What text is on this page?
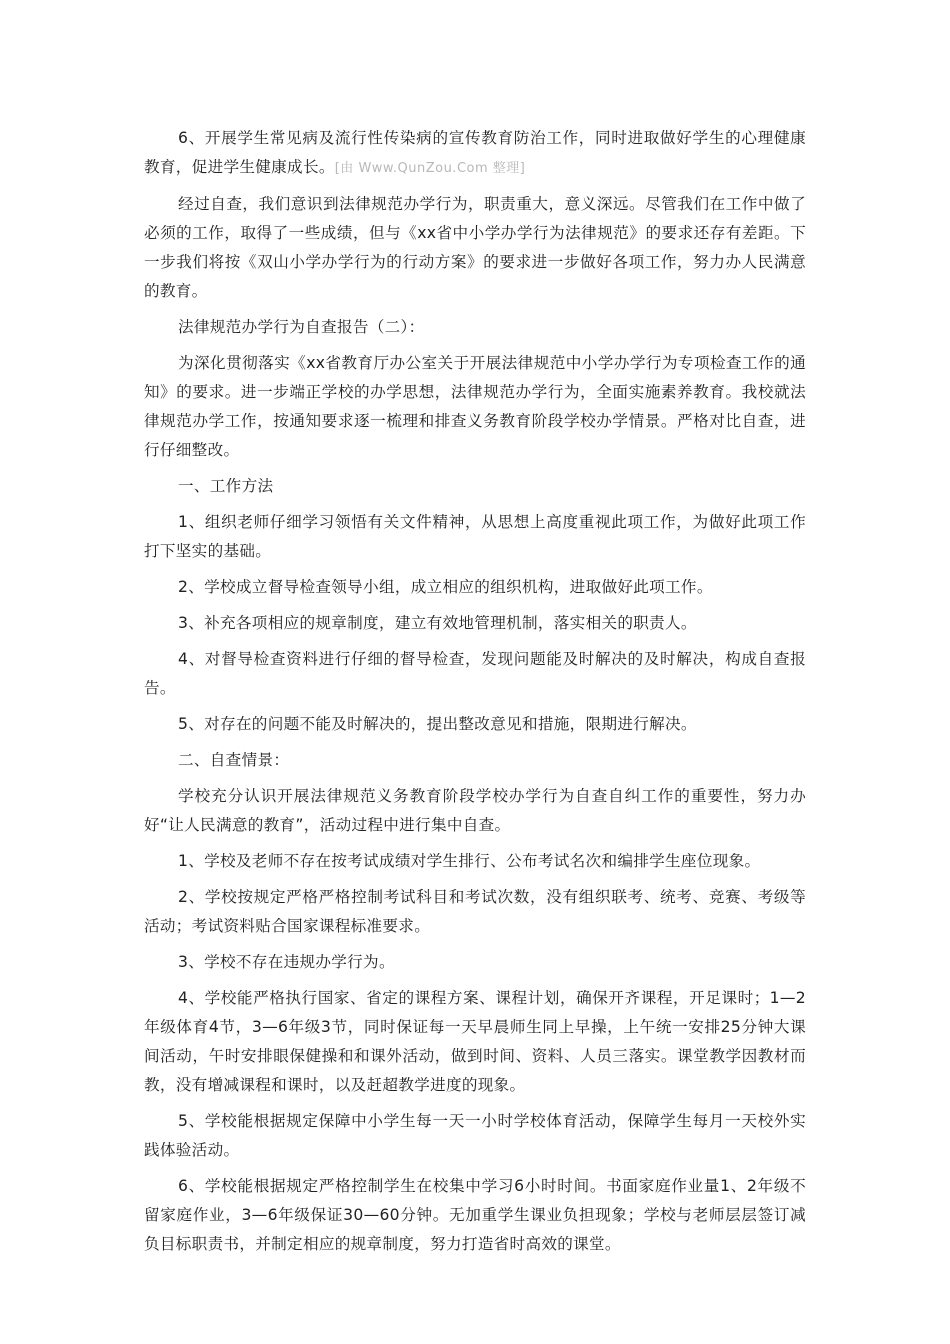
6、开展学生常见病及流行性传染病的宣传教育防治工作，同时进取做好学生的心理健康教育，促进学生健康成长。[由 Www.QunZou.Com 整理]

经过自查，我们意识到法律规范办学行为，职责重大，意义深远。尽管我们在工作中做了必须的工作，取得了一些成绩，但与《xx省中小学办学行为法律规范》的要求还存有差距。下一步我们将按《双山小学办学行为的行动方案》的要求进一步做好各项工作，努力办人民满意的教育。

法律规范办学行为自查报告（二）：

为深化贯彻落实《xx省教育厅办公室关于开展法律规范中小学办学行为专项检查工作的通知》的要求。进一步端正学校的办学思想，法律规范办学行为，全面实施素养教育。我校就法律规范办学工作，按通知要求逐一梳理和排查义务教育阶段学校办学情景。严格对比自查，进行仔细整改。

一、工作方法

1、组织老师仔细学习领悟有关文件精神，从思想上高度重视此项工作，为做好此项工作打下坚实的基础。

2、学校成立督导检查领导小组，成立相应的组织机构，进取做好此项工作。

3、补充各项相应的规章制度，建立有效地管理机制，落实相关的职责人。

4、对督导检查资料进行仔细的督导检查，发现问题能及时解决的及时解决，构成自查报告。

5、对存在的问题不能及时解决的，提出整改意见和措施，限期进行解决。

二、自查情景：

学校充分认识开展法律规范义务教育阶段学校办学行为自查自纠工作的重要性，努力办好“让人民满意的教育”，活动过程中进行集中自查。

1、学校及老师不存在按考试成绩对学生排行、公布考试名次和编排学生座位现象。

2、学校按规定严格严格控制考试科目和考试次数，没有组织联考、统考、竞赛、考级等活动；考试资料贴合国家课程标准要求。

3、学校不存在违规办学行为。

4、学校能严格执行国家、省定的课程方案、课程计划，确保开齐课程，开足课时；1—2年级体育4节，3—6年级3节，同时保证每一天早晨师生同上早操，上午统一安排25分钟大课间活动，午时安排眼保健操和和课外活动，做到时间、资料、人员三落实。课堂教学因教材而教，没有增减课程和课时，以及赶超教学进度的现象。

5、学校能根据规定保障中小学生每一天一小时学校体育活动，保障学生每月一天校外实践体验活动。

6、学校能根据规定严格控制学生在校集中学习6小时时间。书面家庭作业量1、2年级不留家庭作业，3—6年级保证30—60分钟。无加重学生课业负担现象；学校与老师层层签订减负目标职责书，并制定相应的规章制度，努力打造省时高效的课堂。
